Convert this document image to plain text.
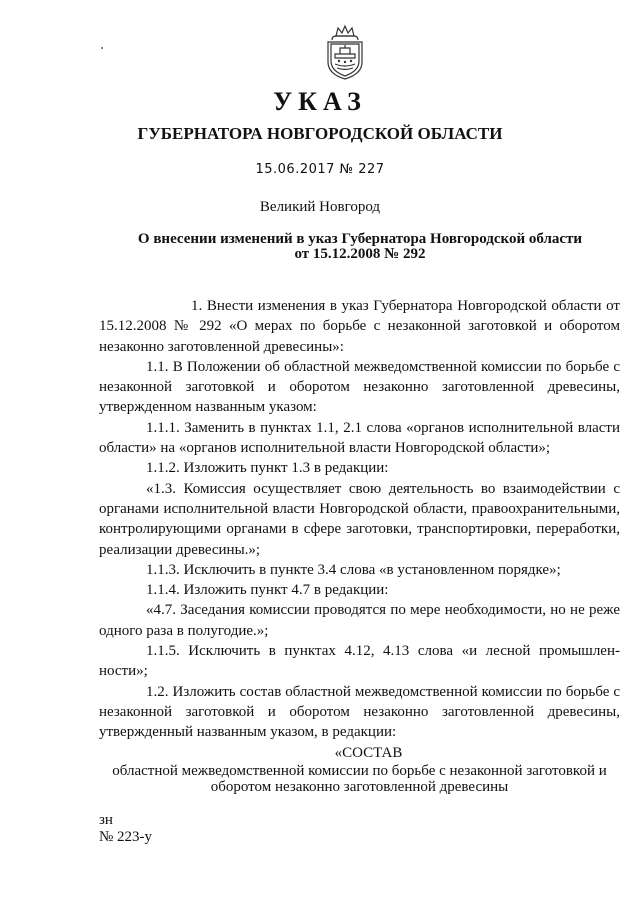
УКАЗ
ГУБЕРНАТОРА НОВГОРОДСКОЙ ОБЛАСТИ
15.06.2017 № 227
Великий Новгород
О внесении изменений в указ Губернатора Новгородской области
от 15.12.2008 № 292

1. Внести изменения в указ Губернатора Новгородской области от 15.12.2008 № 292 «О мерах по борьбе с незаконной заготовкой и оборотом незаконно заготовленной древесины»:

1.1. В Положении об областной межведомственной комиссии по борьбе с незаконной заготовкой и оборотом незаконно заготовленной древесины, утвержденном названным указом:

1.1.1. Заменить в пунктах 1.1, 2.1 слова «органов исполнительной власти области» на «органов исполнительной власти Новгородской области»;

1.1.2. Изложить пункт 1.3 в редакции:

«1.3. Комиссия осуществляет свою деятельность во взаимодействии с органами исполнительной власти Новгородской области, правоохранительными, контролирующими органами в сфере заготовки, транспортировки, переработки, реализации древесины.»;

1.1.3. Исключить в пункте 3.4 слова «в установленном порядке»;

1.1.4. Изложить пункт 4.7 в редакции:

«4.7. Заседания комиссии проводятся по мере необходимости, но не реже одного раза в полугодие.»;

1.1.5. Исключить в пунктах 4.12, 4.13 слова «и лесной промышленности»;

1.2. Изложить состав областной межведомственной комиссии по борьбе с незаконной заготовкой и оборотом незаконно заготовленной древесины, утвержденный названным указом, в редакции:

«СОСТАВ

областной межведомственной комиссии по борьбе с незаконной заготовкой и

оборотом незаконно заготовленной древесины

зн
№ 223-у
